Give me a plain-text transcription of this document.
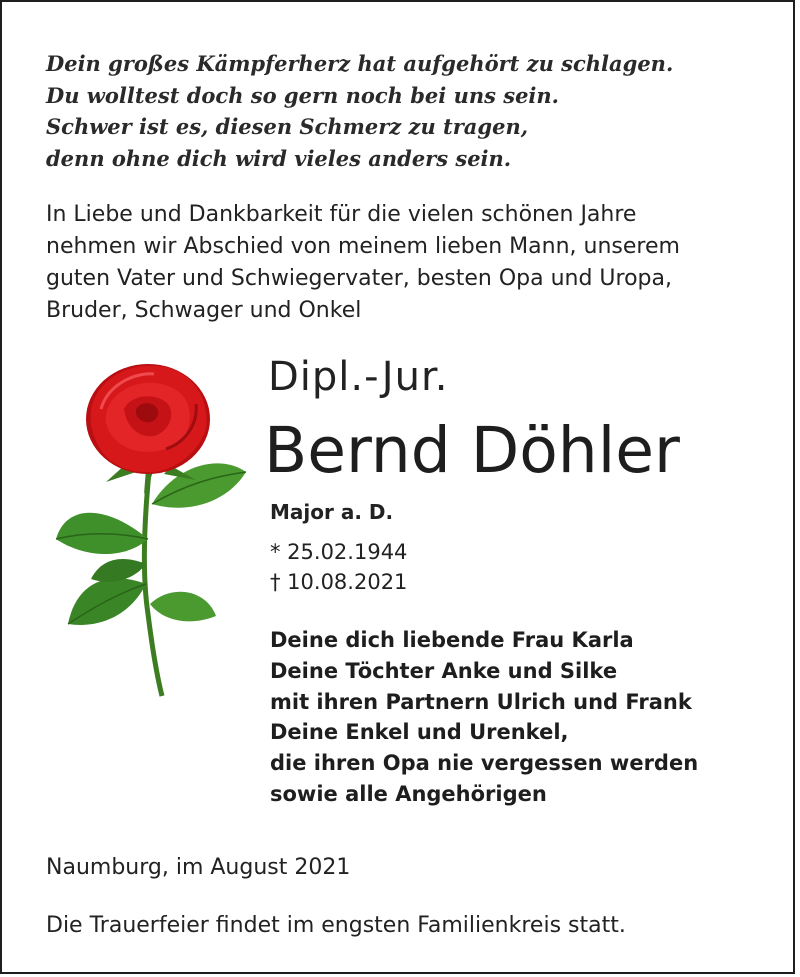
Dein großes Kämpferherz hat aufgehört zu schlagen.
Du wolltest doch so gern noch bei uns sein.
Schwer ist es, diesen Schmerz zu tragen,
denn ohne dich wird vieles anders sein.
In Liebe und Dankbarkeit für die vielen schönen Jahre
nehmen wir Abschied von meinem lieben Mann, unserem
guten Vater und Schwiegervater, besten Opa und Uropa,
Bruder, Schwager und Onkel
Dipl.-Jur.
Bernd Döhler
Major a. D.
* 25.02.1944
† 10.08.2021
Deine dich liebende Frau Karla
Deine Töchter Anke und Silke
mit ihren Partnern Ulrich und Frank
Deine Enkel und Urenkel,
die ihren Opa nie vergessen werden
sowie alle Angehörigen
Naumburg, im August 2021
Die Trauerfeier findet im engsten Familienkreis statt.
